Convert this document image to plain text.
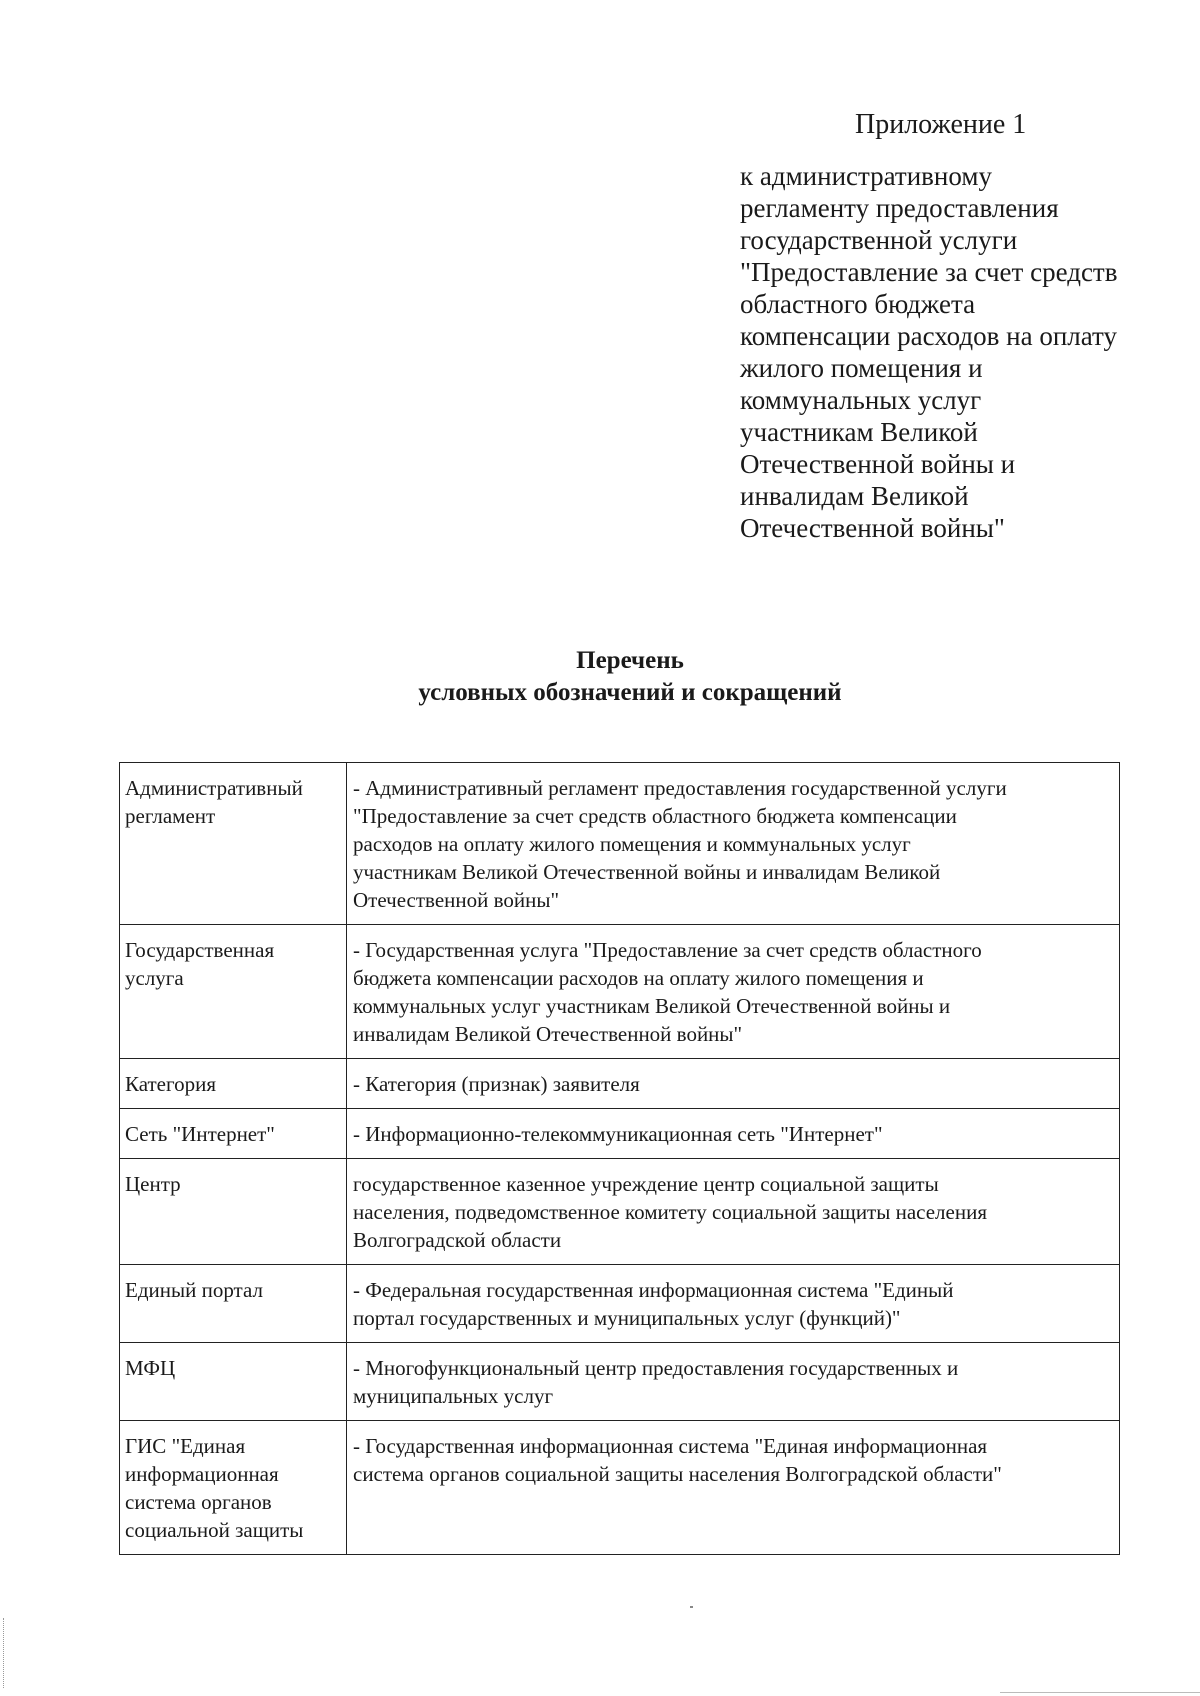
Приложение 1
к административному
регламенту предоставления
государственной услуги
"Предоставление за счет средств
областного бюджета
компенсации расходов на оплату
жилого помещения и
коммунальных услуг
участникам Великой
Отечественной войны и
инвалидам Великой
Отечественной войны"
Перечень
условных обозначений и сокращений
Административный
регламент	- Административный регламент предоставления государственной услуги
"Предоставление за счет средств областного бюджета компенсации
расходов на оплату жилого помещения и коммунальных услуг
участникам Великой Отечественной войны и инвалидам Великой
Отечественной войны"

Государственная
услуга	- Государственная услуга "Предоставление за счет средств областного
бюджета компенсации расходов на оплату жилого помещения и
коммунальных услуг участникам Великой Отечественной войны и
инвалидам Великой Отечественной войны"

Категория	- Категория (признак) заявителя

Сеть "Интернет"	- Информационно-телекоммуникационная сеть "Интернет"

Центр	государственное казенное учреждение центр социальной защиты
населения, подведомственное комитету социальной защиты населения
Волгоградской области

Единый портал	- Федеральная государственная информационная система "Единый
портал государственных и муниципальных услуг (функций)"

МФЦ	- Многофункциональный центр предоставления государственных и
муниципальных услуг

ГИС "Единая
информационная
система органов
социальной защиты	- Государственная информационная система "Единая информационная
система органов социальной защиты населения Волгоградской области"
